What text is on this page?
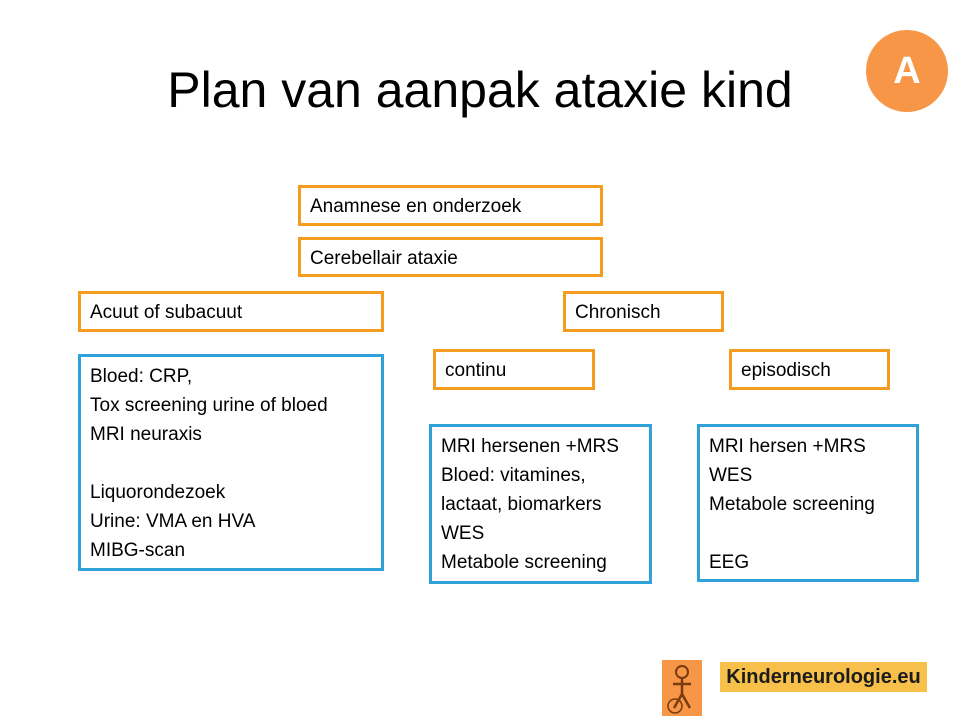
Plan van aanpak ataxie kind	A
Anamnese en onderzoek
Cerebellair ataxie
Acuut of subacuut	Chronisch
continu	episodisch
Bloed: CRP,
Tox screening urine of bloed
MRI neuraxis
Liquorondezoek
Urine: VMA en HVA
MIBG-scan
MRI hersenen +MRS
Bloed: vitamines,
lactaat, biomarkers
WES
Metabole screening
MRI hersen +MRS
WES
Metabole screening
EEG
Kinderneurologie.eu
